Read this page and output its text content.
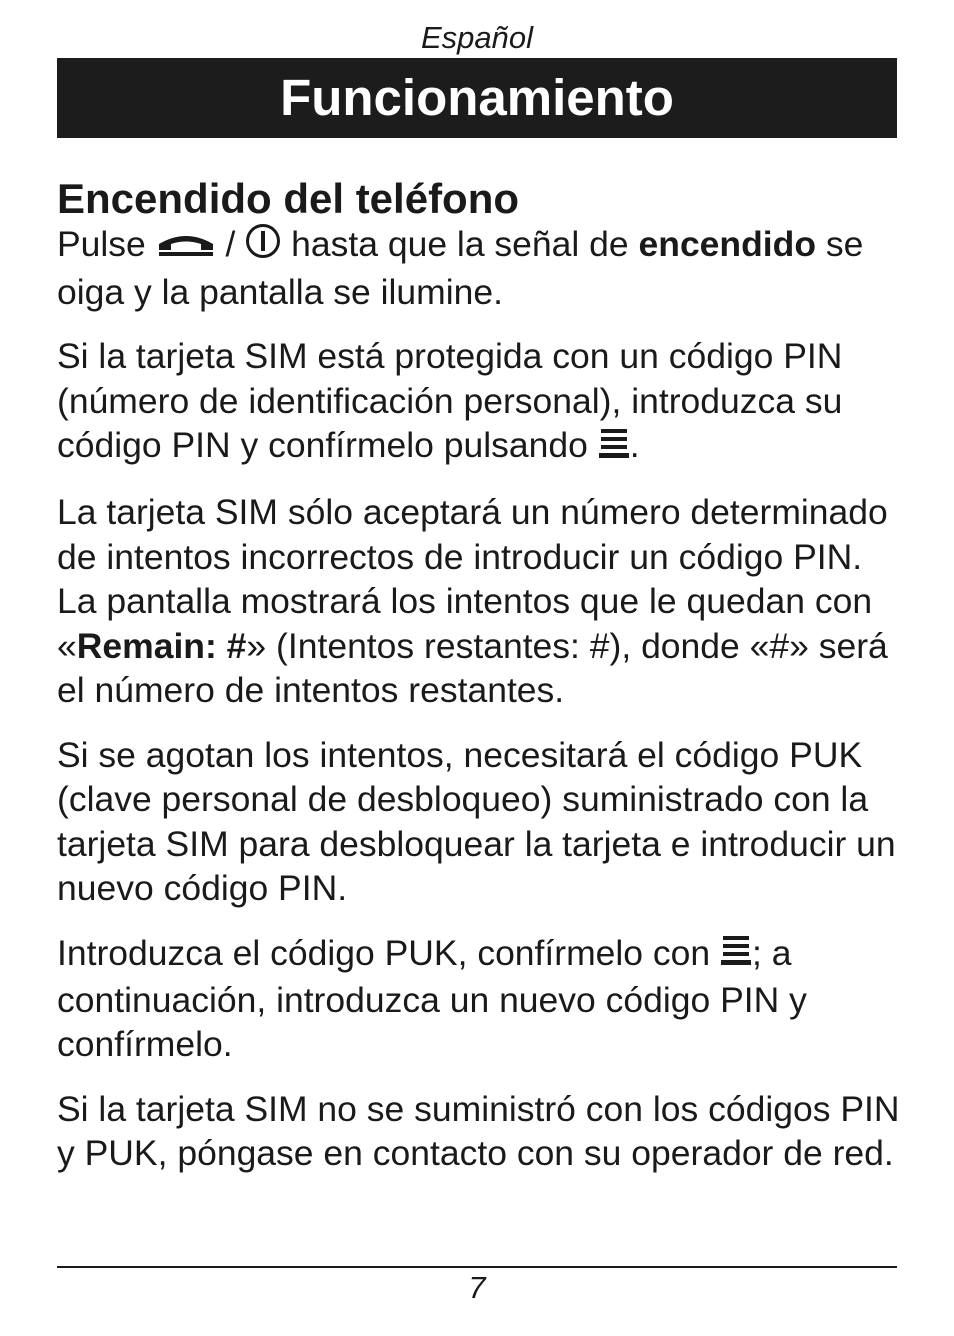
Español
Funcionamiento
Encendido del teléfono

Pulse  /  hasta que la señal de encendido se oiga y la pantalla se ilumine.

Si la tarjeta SIM está protegida con un código PIN (número de identificación personal), introduzca su código PIN y confírmelo pulsando .

La tarjeta SIM sólo aceptará un número determinado de intentos incorrectos de introducir un código PIN. La pantalla mostrará los intentos que le quedan con «Remain: #» (Intentos restantes: #), donde «#» será el número de intentos restantes.

Si se agotan los intentos, necesitará el código PUK (clave personal de desbloqueo) suministrado con la tarjeta SIM para desbloquear la tarjeta e introducir un nuevo código PIN.

Introduzca el código PUK, confírmelo con ; a continuación, introduzca un nuevo código PIN y confírmelo.

Si la tarjeta SIM no se suministró con los códigos PIN y PUK, póngase en contacto con su operador de red.

7
